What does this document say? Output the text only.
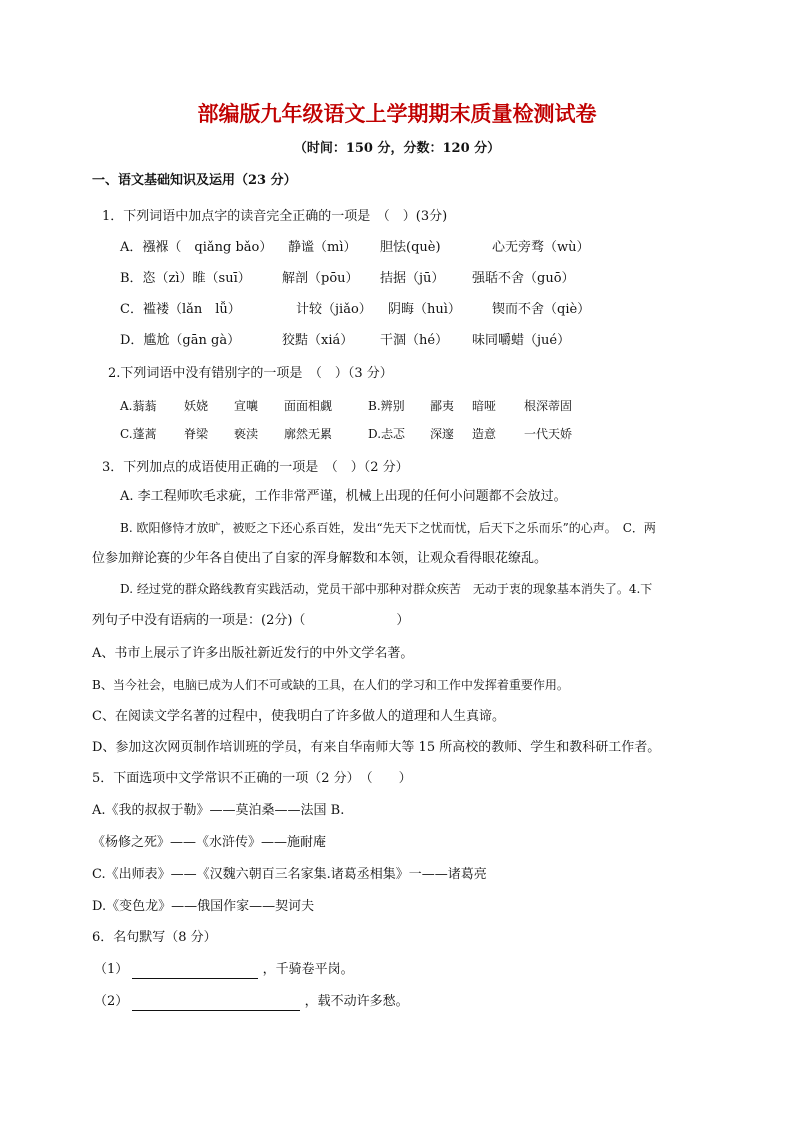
部编版九年级语文上学期期末质量检测试卷
（时间：150 分，分数：120 分）
一、语文基础知识及运用（23 分）
1．下列词语中加点字的读音完全正确的一项是　（　）(3分)
A．襁褓（　qiǎng bǎo） 静谧（mì） 胆怯(què)	心无旁骛（wù）
B．恣（zì）睢（suī） 解剖（pōu） 拮据（jū） 强聒不舍（guō）
C．褴褛（lǎn　lǚ）	计较（jiǎo） 阴晦（huì） 锲而不舍（qiè）
D．尴尬（gān gà）	狡黠（xiá） 干涸（hé） 味同嚼蜡（jué）
2.下列词语中没有错别字的一项是　（　）（3 分）
A.蓊蓊 妖娆 宣嚷 面面相觑	B.辨别 鄙夷 暗哑 根深蒂固
C.蓬蒿 脊梁 亵渎 廓然无累	D.忐忑 深邃 造意 一代天娇
3．下列加点的成语使用正确的一项是　（　）（2 分）
A. 李工程师吹毛求疵，工作非常严谨，机械上出现的任何小问题都不会放过。
B. 欧阳修恃才放旷，被贬之下还心系百姓，发出“先天下之忧而忧，后天下之乐而乐”的心声。　C．两
位参加辩论赛的少年各自使出了自家的浑身解数和本领，让观众看得眼花缭乱。
D. 经过党的群众路线教育实践活动，党员干部中那种对群众疾苦　无动于衷的现象基本消失了。4.下
列句子中没有语病的一项是：(2分)（　　　　　　　）
A、书市上展示了许多出版社新近发行的中外文学名著。
B、当今社会，电脑已成为人们不可或缺的工具，在人们的学习和工作中发挥着重要作用。
C、在阅读文学名著的过程中，使我明白了许多做人的道理和人生真谛。
D、参加这次网页制作培训班的学员，有来自华南师大等 15 所高校的教师、学生和教科研工作者。
5．下面选项中文学常识不正确的一项（2 分）　（　　）
A.《我的叔叔于勒》——莫泊桑——法国 B.
《杨修之死》——《水浒传》——施耐庵
C.《出师表》——《汉魏六朝百三名家集.诸葛丞相集》一——诸葛亮
D.《变色龙》——俄国作家——契诃夫
6．名句默写（8 分）
（1）	，千骑卷平岗。
（2）	，载不动许多愁。
